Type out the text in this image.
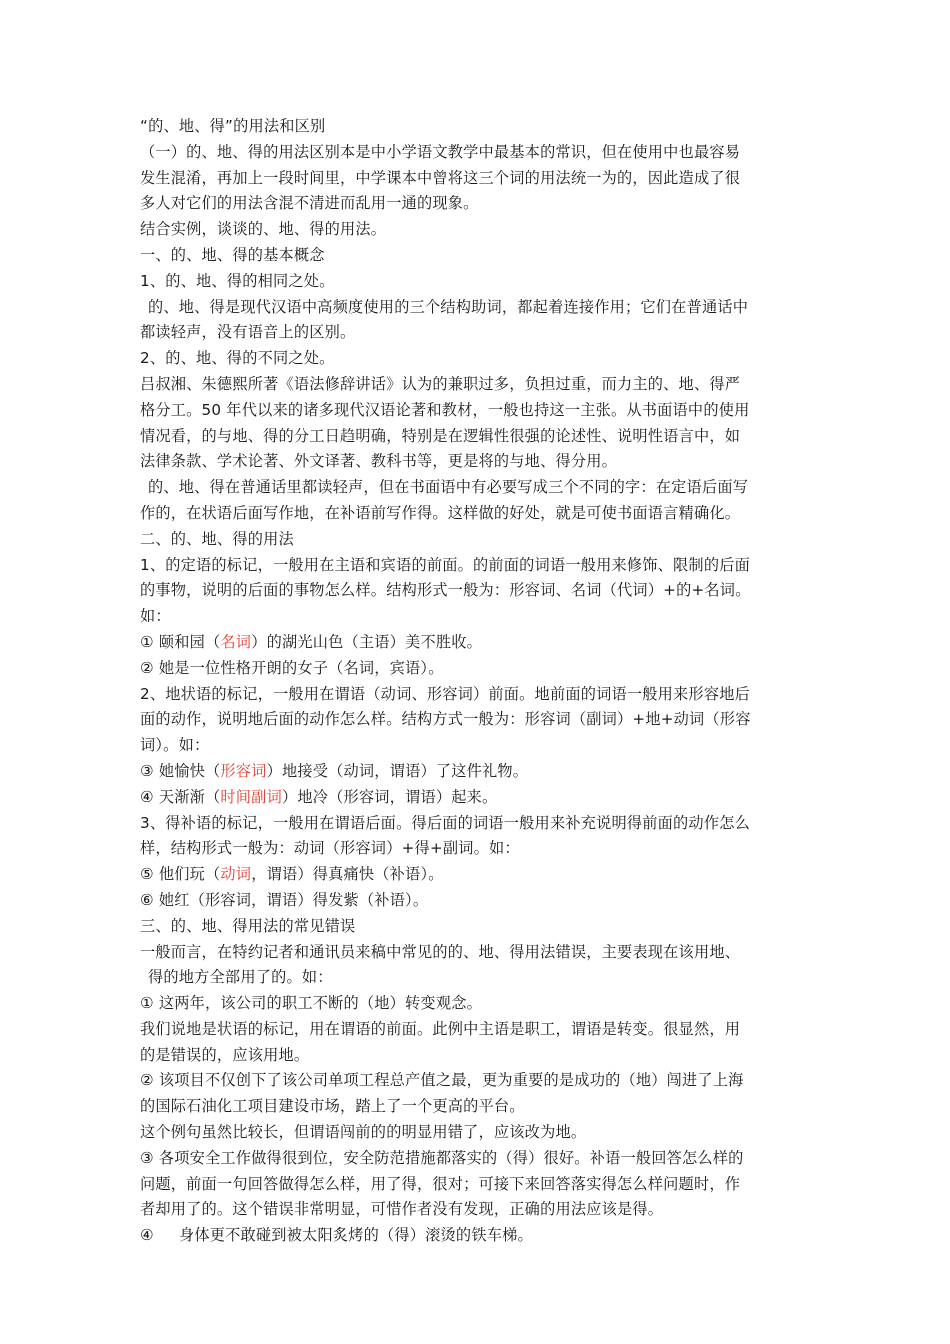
“的、地、得”的用法和区别
（一）的、地、得的用法区别本是中小学语文教学中最基本的常识，但在使用中也最容易
发生混淆，再加上一段时间里，中学课本中曾将这三个词的用法统一为的，因此造成了很
多人对它们的用法含混不清进而乱用一通的现象。
结合实例，谈谈的、地、得的用法。
一、的、地、得的基本概念
1、的、地、得的相同之处。
的、地、得是现代汉语中高频度使用的三个结构助词，都起着连接作用；它们在普通话中
都读轻声，没有语音上的区别。
2、的、地、得的不同之处。
吕叔湘、朱德熙所著《语法修辞讲话》认为的兼职过多，负担过重，而力主的、地、得严
格分工。50 年代以来的诸多现代汉语论著和教材，一般也持这一主张。从书面语中的使用
情况看，的与地、得的分工日趋明确，特别是在逻辑性很强的论述性、说明性语言中，如
法律条款、学术论著、外文译著、教科书等，更是将的与地、得分用。
的、地、得在普通话里都读轻声，但在书面语中有必要写成三个不同的字：在定语后面写
作的，在状语后面写作地，在补语前写作得。这样做的好处，就是可使书面语言精确化。
二、的、地、得的用法
1、的定语的标记，一般用在主语和宾语的前面。的前面的词语一般用来修饰、限制的后面
的事物，说明的后面的事物怎么样。结构形式一般为：形容词、名词（代词）+的+名词。
如：
① 颐和园（名词）的湖光山色（主语）美不胜收。
② 她是一位性格开朗的女子（名词，宾语）。
2、地状语的标记，一般用在谓语（动词、形容词）前面。地前面的词语一般用来形容地后
面的动作，说明地后面的动作怎么样。结构方式一般为：形容词（副词）+地+动词（形容
词）。如：
③ 她愉快（形容词）地接受（动词，谓语）了这件礼物。
④ 天渐渐（时间副词）地冷（形容词，谓语）起来。
3、得补语的标记，一般用在谓语后面。得后面的词语一般用来补充说明得前面的动作怎么
样，结构形式一般为：动词（形容词）+得+副词。如：
⑤ 他们玩（动词，谓语）得真痛快（补语）。
⑥ 她红（形容词，谓语）得发紫（补语）。
三、的、地、得用法的常见错误
一般而言，在特约记者和通讯员来稿中常见的的、地、得用法错误，主要表现在该用地、
得的地方全部用了的。如：
① 这两年，该公司的职工不断的（地）转变观念。
我们说地是状语的标记，用在谓语的前面。此例中主语是职工，谓语是转变。很显然，用
的是错误的，应该用地。
② 该项目不仅创下了该公司单项工程总产值之最，更为重要的是成功的（地）闯进了上海
的国际石油化工项目建设市场，踏上了一个更高的平台。
这个例句虽然比较长，但谓语闯前的的明显用错了，应该改为地。
③ 各项安全工作做得很到位，安全防范措施都落实的（得）很好。补语一般回答怎么样的
问题，前面一句回答做得怎么样，用了得，很对；可接下来回答落实得怎么样问题时，作
者却用了的。这个错误非常明显，可惜作者没有发现，正确的用法应该是得。
④     身体更不敢碰到被太阳炙烤的（得）滚烫的铁车梯。
